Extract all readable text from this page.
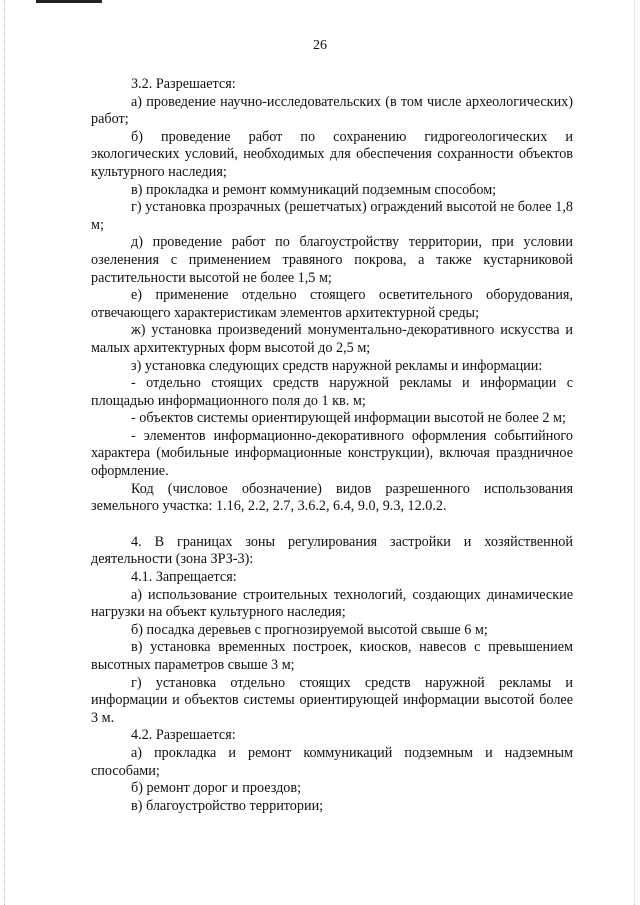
26

3.2. Разрешается:

а) проведение научно-исследовательских (в том числе археологических) работ;

б) проведение работ по сохранению гидрогеологических и экологических условий, необходимых для обеспечения сохранности объектов культурного наследия;

в) прокладка и ремонт коммуникаций подземным способом;

г) установка прозрачных (решетчатых) ограждений высотой не более 1,8 м;

д) проведение работ по благоустройству территории, при условии озеленения с применением травяного покрова, а также кустарниковой растительности высотой не более 1,5 м;

е) применение отдельно стоящего осветительного оборудования, отвечающего характеристикам элементов архитектурной среды;

ж) установка произведений монументально-декоративного искусства и малых архитектурных форм высотой до 2,5 м;

з) установка следующих средств наружной рекламы и информации:

- отдельно стоящих средств наружной рекламы и информации с площадью информационного поля до 1 кв. м;

- объектов системы ориентирующей информации высотой не более 2 м;

- элементов информационно-декоративного оформления событийного характера (мобильные информационные конструкции), включая праздничное оформление.

Код (числовое обозначение) видов разрешенного использования земельного участка: 1.16, 2.2, 2.7, 3.6.2, 6.4, 9.0, 9.3, 12.0.2.

4. В границах зоны регулирования застройки и хозяйственной деятельности (зона ЗРЗ-3):

4.1. Запрещается:

а) использование строительных технологий, создающих динамические нагрузки на объект культурного наследия;

б) посадка деревьев с прогнозируемой высотой свыше 6 м;

в) установка временных построек, киосков, навесов с превышением высотных параметров свыше 3 м;

г) установка отдельно стоящих средств наружной рекламы и информации и объектов системы ориентирующей информации высотой более 3 м.

4.2. Разрешается:

а) прокладка и ремонт коммуникаций подземным и надземным способами;

б) ремонт дорог и проездов;

в) благоустройство территории;
